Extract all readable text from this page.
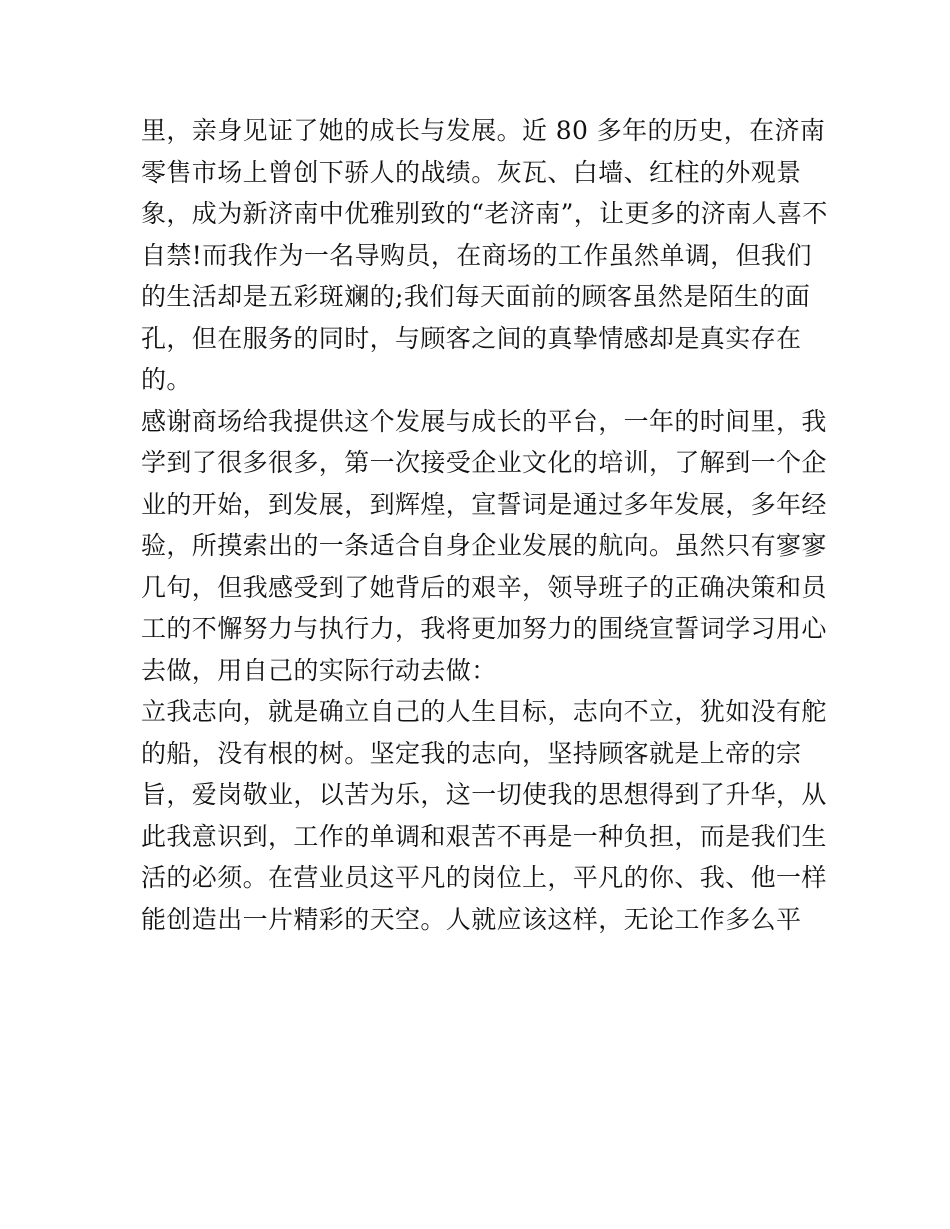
里，亲身见证了她的成长与发展。近 80 多年的历史，在济南
零售市场上曾创下骄人的战绩。灰瓦、白墙、红柱的外观景
象，成为新济南中优雅别致的“老济南”，让更多的济南人喜不
自禁!而我作为一名导购员，在商场的工作虽然单调，但我们
的生活却是五彩斑斓的;我们每天面前的顾客虽然是陌生的面
孔，但在服务的同时，与顾客之间的真挚情感却是真实存在
的。
感谢商场给我提供这个发展与成长的平台，一年的时间里，我
学到了很多很多，第一次接受企业文化的培训，了解到一个企
业的开始，到发展，到辉煌，宣誓词是通过多年发展，多年经
验，所摸索出的一条适合自身企业发展的航向。虽然只有寥寥
几句，但我感受到了她背后的艰辛，领导班子的正确决策和员
工的不懈努力与执行力，我将更加努力的围绕宣誓词学习用心
去做，用自己的实际行动去做：
立我志向，就是确立自己的人生目标，志向不立，犹如没有舵
的船，没有根的树。坚定我的志向，坚持顾客就是上帝的宗
旨，爱岗敬业，以苦为乐，这一切使我的思想得到了升华，从
此我意识到，工作的单调和艰苦不再是一种负担，而是我们生
活的必须。在营业员这平凡的岗位上，平凡的你、我、他一样
能创造出一片精彩的天空。人就应该这样，无论工作多么平
